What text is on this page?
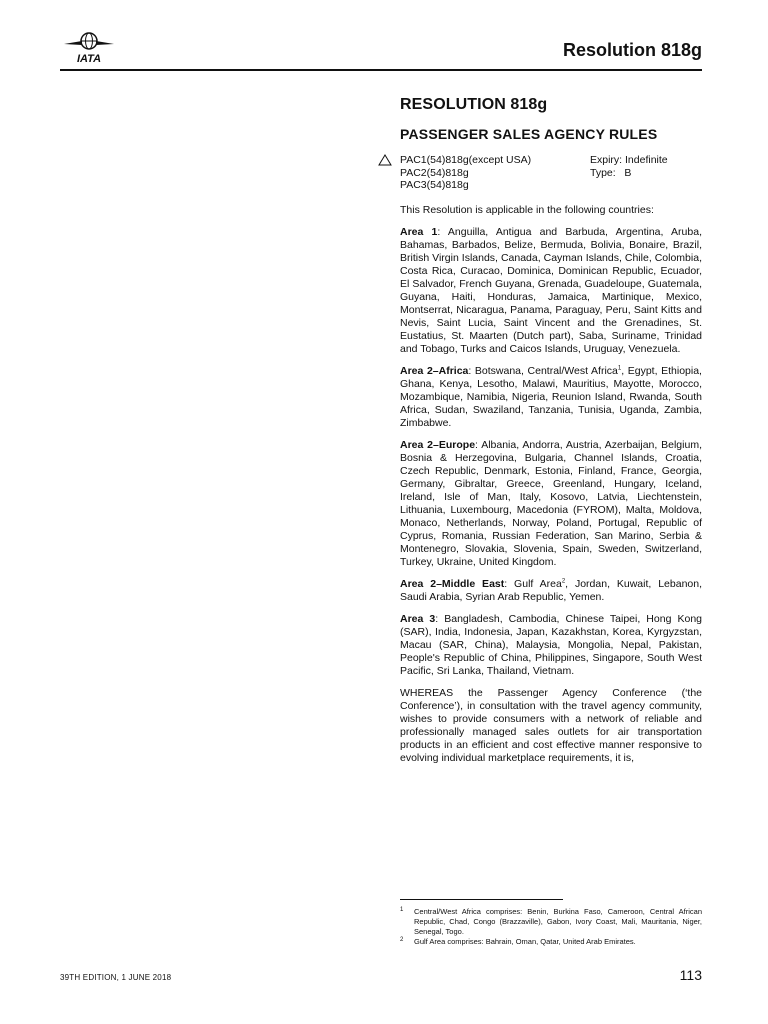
IATA	Resolution 818g
RESOLUTION 818g
PASSENGER SALES AGENCY RULES
PAC1(54)818g(except USA)
PAC2(54)818g
PAC3(54)818g
Expiry: Indefinite
Type:   B

This Resolution is applicable in the following countries:

Area 1: Anguilla, Antigua and Barbuda, Argentina, Aruba, Bahamas, Barbados, Belize, Bermuda, Bolivia, Bonaire, Brazil, British Virgin Islands, Canada, Cayman Islands, Chile, Colombia, Costa Rica, Curacao, Dominica, Dominican Republic, Ecuador, El Salvador, French Guyana, Grenada, Guadeloupe, Guatemala, Guyana, Haiti, Honduras, Jamaica, Martinique, Mexico, Montserrat, Nicaragua, Panama, Paraguay, Peru, Saint Kitts and Nevis, Saint Lucia, Saint Vincent and the Grenadines, St. Eustatius, St. Maarten (Dutch part), Saba, Suriname, Trinidad and Tobago, Turks and Caicos Islands, Uruguay, Venezuela.

Area 2–Africa: Botswana, Central/West Africa$^1$, Egypt, Ethiopia, Ghana, Kenya, Lesotho, Malawi, Mauritius, Mayotte, Morocco, Mozambique, Namibia, Nigeria, Reunion Island, Rwanda, South Africa, Sudan, Swaziland, Tanzania, Tunisia, Uganda, Zambia, Zimbabwe.

Area 2–Europe: Albania, Andorra, Austria, Azerbaijan, Belgium, Bosnia & Herzegovina, Bulgaria, Channel Islands, Croatia, Czech Republic, Denmark, Estonia, Finland, France, Georgia, Germany, Gibraltar, Greece, Greenland, Hungary, Iceland, Ireland, Isle of Man, Italy, Kosovo, Latvia, Liechtenstein, Lithuania, Luxembourg, Macedonia (FYROM), Malta, Moldova, Monaco, Netherlands, Norway, Poland, Portugal, Republic of Cyprus, Romania, Russian Federation, San Marino, Serbia & Montenegro, Slovakia, Slovenia, Spain, Sweden, Switzerland, Turkey, Ukraine, United Kingdom.

Area 2–Middle East: Gulf Area$^2$, Jordan, Kuwait, Lebanon, Saudi Arabia, Syrian Arab Republic, Yemen.

Area 3: Bangladesh, Cambodia, Chinese Taipei, Hong Kong (SAR), India, Indonesia, Japan, Kazakhstan, Korea, Kyrgyzstan, Macau (SAR, China), Malaysia, Mongolia, Nepal, Pakistan, People's Republic of China, Philippines, Singapore, South West Pacific, Sri Lanka, Thailand, Vietnam.

WHEREAS the Passenger Agency Conference (‘the Conference’), in consultation with the travel agency community, wishes to provide consumers with a network of reliable and professionally managed sales outlets for air transportation products in an efficient and cost effective manner responsive to evolving individual marketplace requirements, it is,

1 Central/West Africa comprises: Benin, Burkina Faso, Cameroon, Central African Republic, Chad, Congo (Brazzaville), Gabon, Ivory Coast, Mali, Mauritania, Niger, Senegal, Togo.
2 Gulf Area comprises: Bahrain, Oman, Qatar, United Arab Emirates.
39TH EDITION, 1 JUNE 2018	113
